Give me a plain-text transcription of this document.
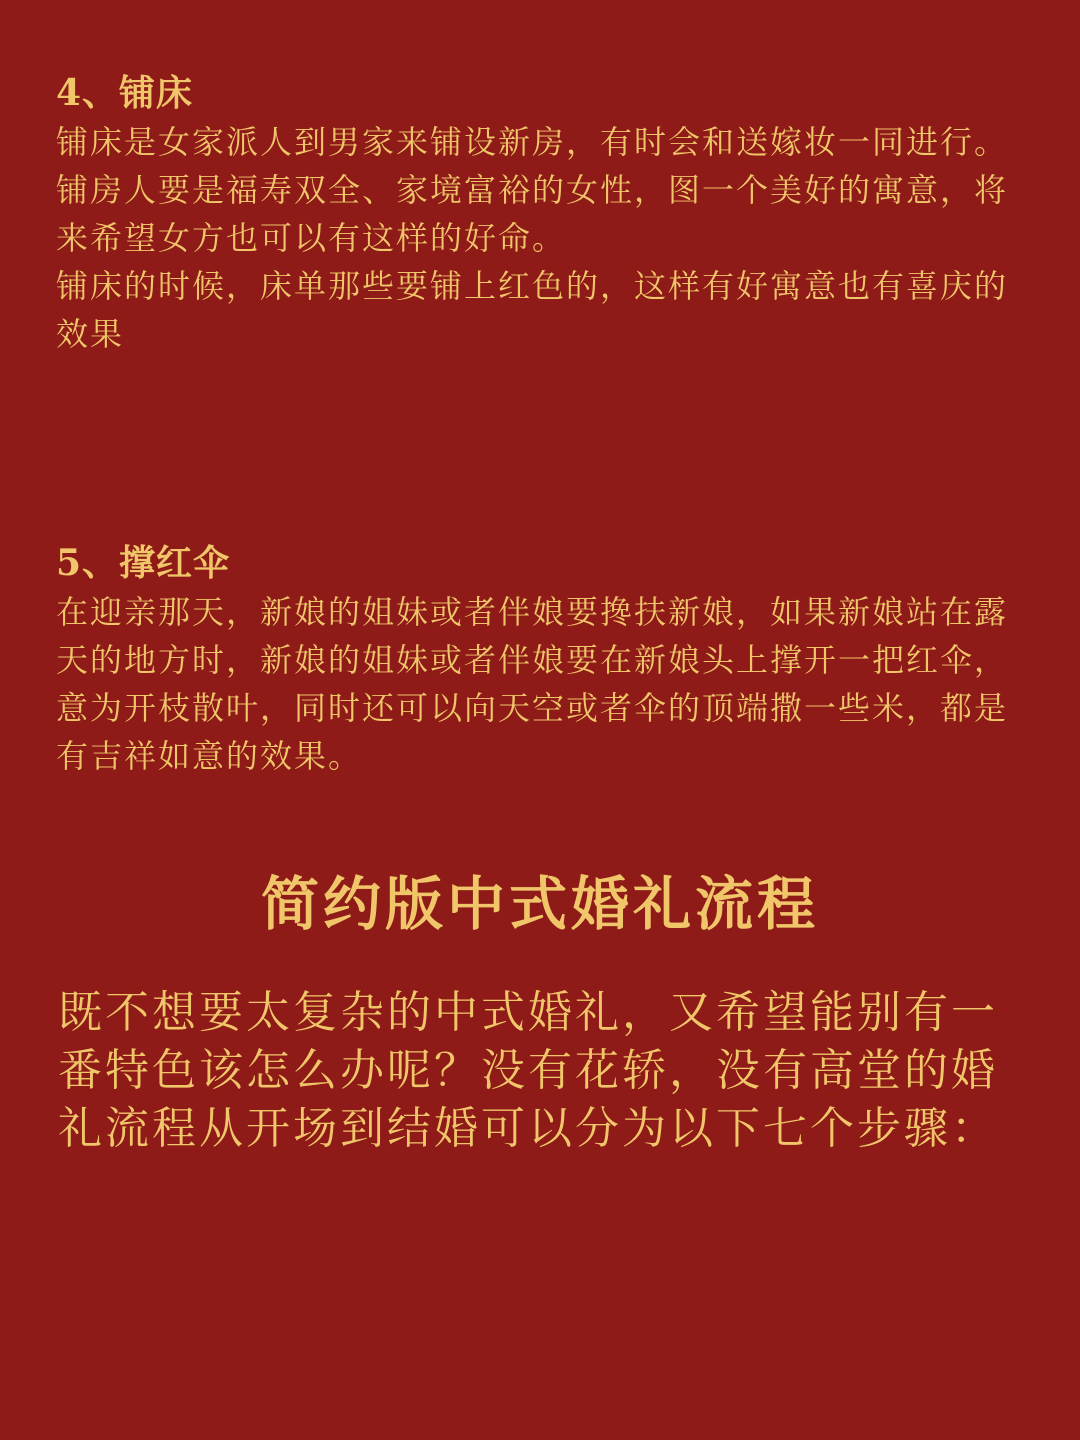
4、铺床

铺床是女家派人到男家来铺设新房，有时会和送嫁妆一同进行。铺房人要是福寿双全、家境富裕的女性，图一个美好的寓意，将来希望女方也可以有这样的好命。

铺床的时候，床单那些要铺上红色的，这样有好寓意也有喜庆的效果

5、撑红伞

在迎亲那天，新娘的姐妹或者伴娘要搀扶新娘，如果新娘站在露天的地方时，新娘的姐妹或者伴娘要在新娘头上撑开一把红伞，意为开枝散叶，同时还可以向天空或者伞的顶端撒一些米，都是有吉祥如意的效果。

简约版中式婚礼流程

既不想要太复杂的中式婚礼，又希望能别有一番特色该怎么办呢？没有花轿，没有高堂的婚礼流程从开场到结婚可以分为以下七个步骤：
